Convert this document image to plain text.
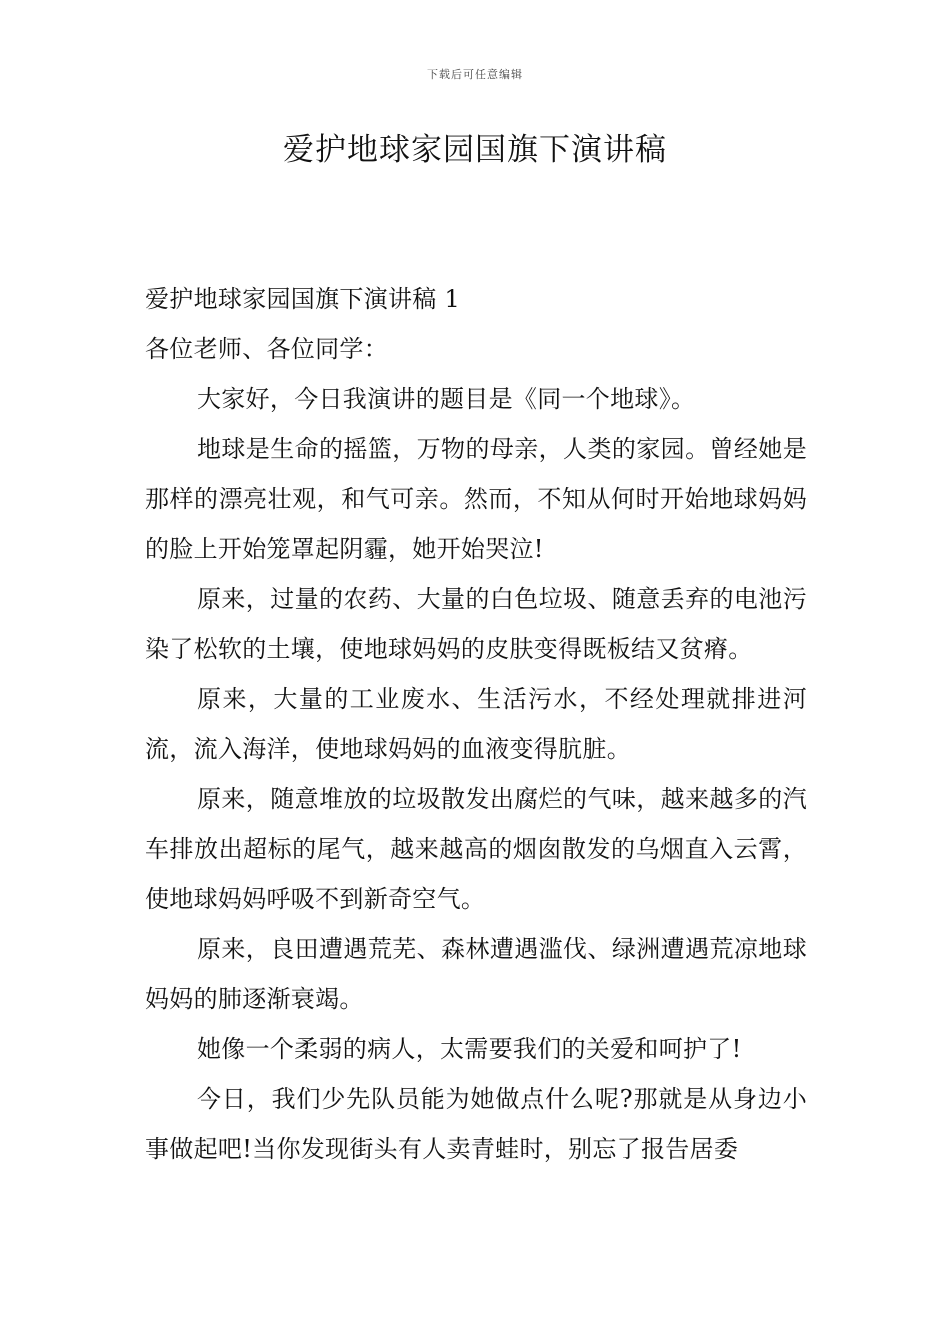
下载后可任意编辑
爱护地球家园国旗下演讲稿

爱护地球家园国旗下演讲稿 1

各位老师、各位同学：

大家好，今日我演讲的题目是《同一个地球》。

地球是生命的摇篮，万物的母亲，人类的家园。曾经她是那样的漂亮壮观，和气可亲。然而，不知从何时开始地球妈妈的脸上开始笼罩起阴霾，她开始哭泣!

原来，过量的农药、大量的白色垃圾、随意丢弃的电池污染了松软的土壤，使地球妈妈的皮肤变得既板结又贫瘠。

原来，大量的工业废水、生活污水，不经处理就排进河流，流入海洋，使地球妈妈的血液变得肮脏。

原来，随意堆放的垃圾散发出腐烂的气味，越来越多的汽车排放出超标的尾气，越来越高的烟囱散发的乌烟直入云霄，使地球妈妈呼吸不到新奇空气。

原来，良田遭遇荒芜、森林遭遇滥伐、绿洲遭遇荒凉地球妈妈的肺逐渐衰竭。

她像一个柔弱的病人，太需要我们的关爱和呵护了!

今日，我们少先队员能为她做点什么呢?那就是从身边小事做起吧!当你发现街头有人卖青蛙时，别忘了报告居委
